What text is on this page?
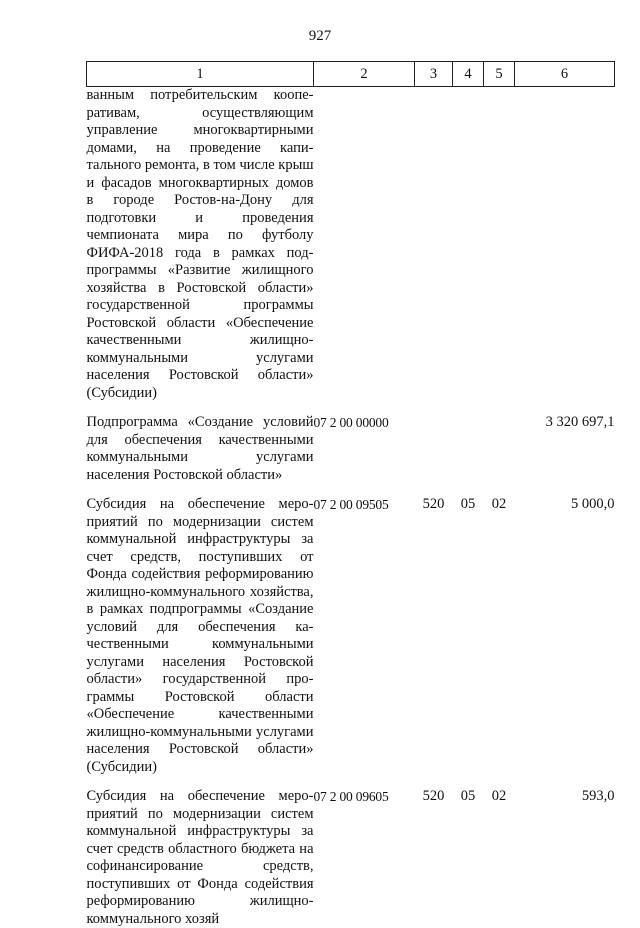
927
1	2	3	4	5	6
ванным потребительским кооперативам, осуществляющим управление многоквартирными домами, на проведение капитального ремонта, в том числе крыш и фасадов многоквартирных домов в городе Ростов-на-Дону для подготовки и проведения чемпионата мира по футболу ФИФА-2018 года в рамках подпрограммы «Развитие жилищного хозяйства в Ростовской области» государственной программы Ростовской области «Обеспечение качественными жилищно-коммунальными услугами населения Ростовской области» (Субсидии)					

Подпрограмма «Создание условий для обеспечения качественными коммунальными услугами населения Ростовской области»	07 2 00 00000				3 320 697,1

Субсидия на обеспечение мероприятий по модернизации систем коммунальной инфраструктуры за счет средств, поступивших от Фонда содействия реформированию жилищно-коммунального хозяйства, в рамках подпрограммы «Создание условий для обеспечения качественными коммунальными услугами населения Ростовской области» государственной программы Ростовской области «Обеспечение качественными жилищно-коммунальными услугами населения Ростовской области» (Субсидии)	07 2 00 09505	520	05	02	5 000,0

Субсидия на обеспечение мероприятий по модернизации систем коммунальной инфраструктуры за счет средств областного бюджета на софинансирование средств, поступивших от Фонда содействия реформированию жилищно-коммунального хозяй	07 2 00 09605	520	05	02	593,0
